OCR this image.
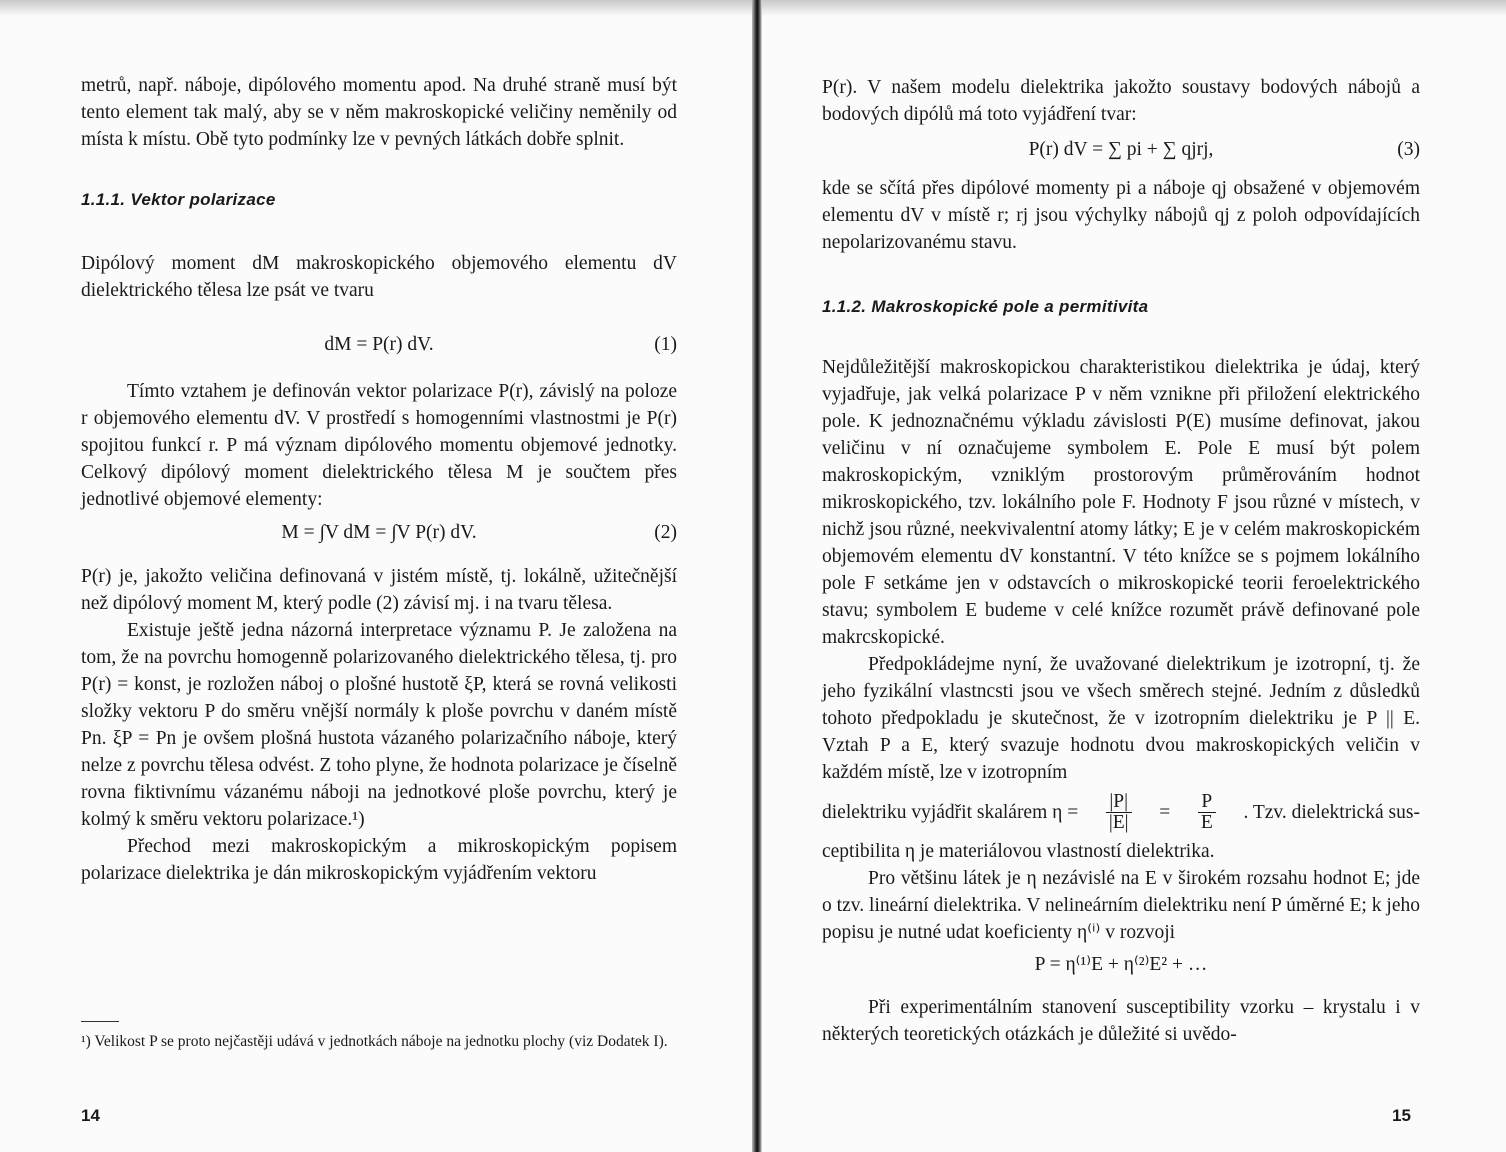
metrů, např. náboje, dipólového momentu apod. Na druhé straně musí být tento element tak malý, aby se v něm makroskopické veličiny neměnily od místa k místu. Obě tyto podmínky lze v pevných látkách dobře splnit.

1.1.1. Vektor polarizace

Dipólový moment dM makroskopického objemového elementu dV dielektrického tělesa lze psát ve tvaru

dM = P(r) dV.	(1)

Tímto vztahem je definován vektor polarizace P(r), závislý na poloze r objemového elementu dV. V prostředí s homogenními vlastnostmi je P(r) spojitou funkcí r. P má význam dipólového momentu objemové jednotky. Celkový dipólový moment dielektrického tělesa M je součtem přes jednotlivé objemové elementy:

M = ∫V dM = ∫V P(r) dV.	(2)

P(r) je, jakožto veličina definovaná v jistém místě, tj. lokálně, užitečnější než dipólový moment M, který podle (2) závisí mj. i na tvaru tělesa.

Existuje ještě jedna názorná interpretace významu P. Je založena na tom, že na povrchu homogenně polarizovaného dielektrického tělesa, tj. pro P(r) = konst, je rozložen náboj o plošné hustotě ξP, která se rovná velikosti složky vektoru P do směru vnější normály k ploše povrchu v daném místě Pn. ξP = Pn je ovšem plošná hustota vázaného polarizačního náboje, který nelze z povrchu tělesa odvést. Z toho plyne, že hodnota polarizace je číselně rovna fiktivnímu vázanému náboji na jednotkové ploše povrchu, který je kolmý k směru vektoru polarizace.¹)

Přechod mezi makroskopickým a mikroskopickým popisem polarizace dielektrika je dán mikroskopickým vyjádřením vektoru

¹) Velikost P se proto nejčastěji udává v jednotkách náboje na jednotku plochy (viz Dodatek I).
14

P(r). V našem modelu dielektrika jakožto soustavy bodových nábojů a bodových dipólů má toto vyjádření tvar:

P(r) dV = ∑ pi + ∑ qjrj,	(3)

kde se sčítá přes dipólové momenty pi a náboje qj obsažené v objemovém elementu dV v místě r; rj jsou výchylky nábojů qj z poloh odpovídajících nepolarizovanému stavu.

1.1.2. Makroskopické pole a permitivita

Nejdůležitější makroskopickou charakteristikou dielektrika je údaj, který vyjadřuje, jak velká polarizace P v něm vznikne při přiložení elektrického pole. K jednoznačnému výkladu závislosti P(E) musíme definovat, jakou veličinu v ní označujeme symbolem E. Pole E musí být polem makroskopickým, vzniklým prostorovým průměrováním hodnot mikroskopického, tzv. lokálního pole F. Hodnoty F jsou různé v místech, v nichž jsou různé, neekvivalentní atomy látky; E je v celém makroskopickém objemovém elementu dV konstantní. V této knížce se s pojmem lokálního pole F setkáme jen v odstavcích o mikroskopické teorii feroelektrického stavu; symbolem E budeme v celé knížce rozumět právě definované pole makrcskopické.

Předpokládejme nyní, že uvažované dielektrikum je izotropní, tj. že jeho fyzikální vlastncsti jsou ve všech směrech stejné. Jedním z důsledků tohoto předpokladu je skutečnost, že v izotropním dielektriku je P || E. Vztah P a E, který svazuje hodnotu dvou makroskopických veličin v každém místě, lze v izotropním

dielektriku vyjádřit skalárem $\eta = \frac{|P|}{|E|} = \frac{P}{E}$ . Tzv. dielektrická sus-

ceptibilita η je materiálovou vlastností dielektrika.

Pro většinu látek je η nezávislé na E v širokém rozsahu hodnot E; jde o tzv. lineární dielektrika. V nelineárním dielektriku není P úměrné E; k jeho popisu je nutné udat koeficienty η⁽ⁱ⁾ v rozvoji

P = η⁽¹⁾E + η⁽²⁾E² + …

Při experimentálním stanovení susceptibility vzorku – krystalu i v některých teoretických otázkách je důležité si uvědo-

15
